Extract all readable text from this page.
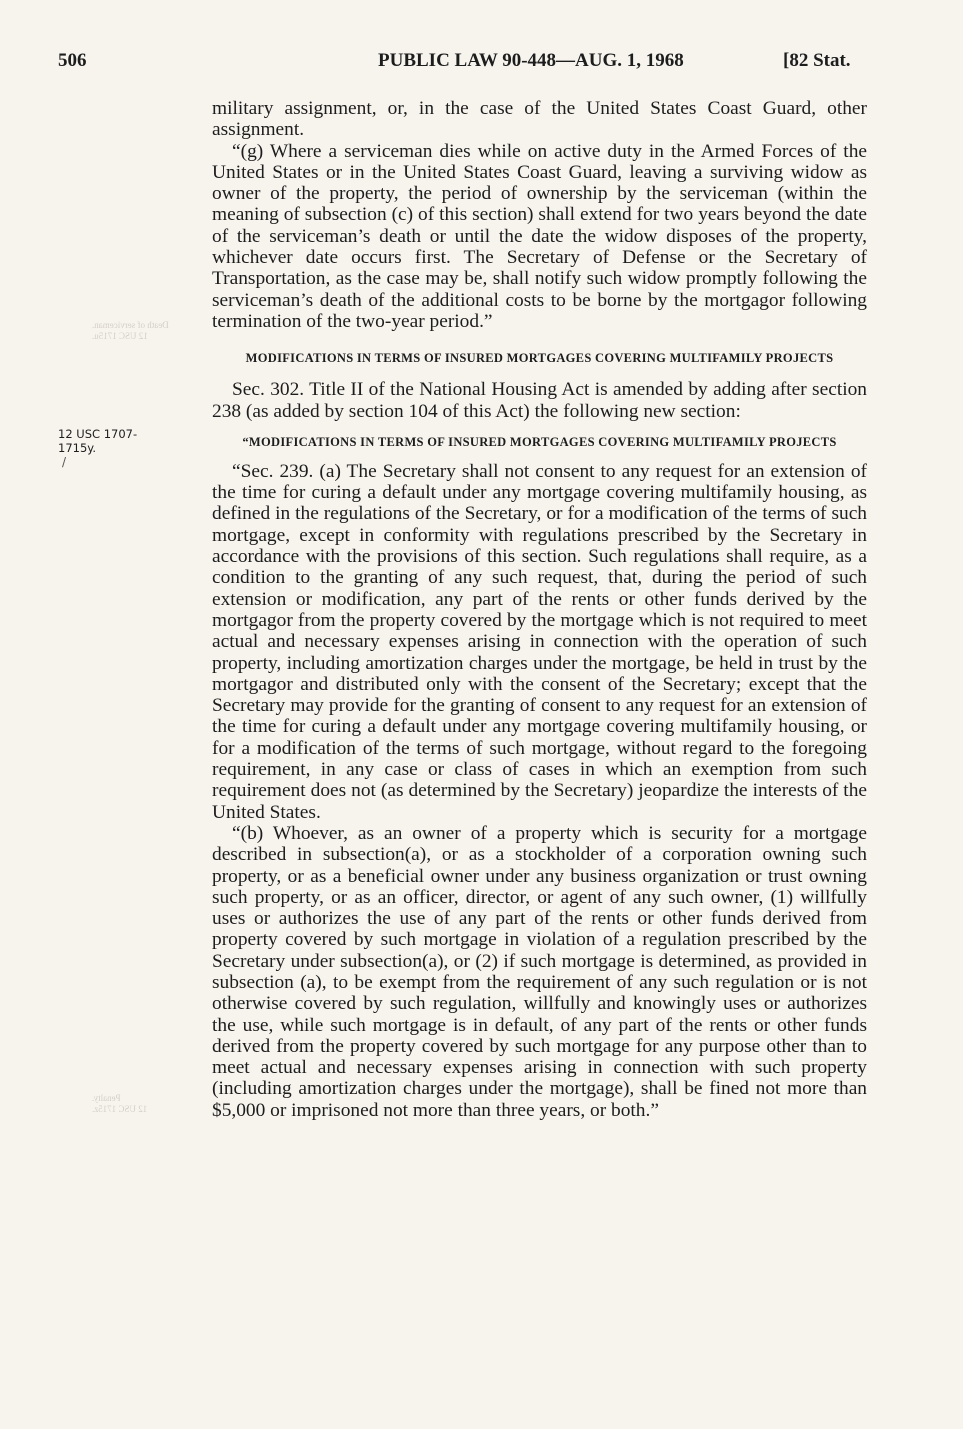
506	PUBLIC LAW 90-448—AUG. 1, 1968	[82 Stat.
Death of serviceman.
12 USC 1715u.
Penalty.
12 USC 1715z.
12 USC 1707-1715y.
/

military assignment, or, in the case of the United States Coast Guard, other assignment.

“(g) Where a serviceman dies while on active duty in the Armed Forces of the United States or in the United States Coast Guard, leaving a surviving widow as owner of the property, the period of ownership by the serviceman (within the meaning of subsection (c) of this section) shall extend for two years beyond the date of the serviceman’s death or until the date the widow disposes of the property, whichever date occurs first. The Secretary of Defense or the Secretary of Transportation, as the case may be, shall notify such widow promptly following the serviceman’s death of the additional costs to be borne by the mortgagor following termination of the two-year period.”

MODIFICATIONS IN TERMS OF INSURED MORTGAGES COVERING MULTIFAMILY PROJECTS

Sec. 302. Title II of the National Housing Act is amended by adding after section 238 (as added by section 104 of this Act) the following new section:

“MODIFICATIONS IN TERMS OF INSURED MORTGAGES COVERING MULTIFAMILY PROJECTS

“Sec. 239. (a) The Secretary shall not consent to any request for an extension of the time for curing a default under any mortgage covering multifamily housing, as defined in the regulations of the Secretary, or for a modification of the terms of such mortgage, except in conformity with regulations prescribed by the Secretary in accordance with the provisions of this section. Such regulations shall require, as a condition to the granting of any such request, that, during the period of such extension or modification, any part of the rents or other funds derived by the mortgagor from the property covered by the mortgage which is not required to meet actual and necessary expenses arising in connection with the operation of such property, including amortization charges under the mortgage, be held in trust by the mortgagor and distributed only with the consent of the Secretary; except that the Secretary may provide for the granting of consent to any request for an extension of the time for curing a default under any mortgage covering multifamily housing, or for a modification of the terms of such mortgage, without regard to the foregoing requirement, in any case or class of cases in which an exemption from such requirement does not (as determined by the Secretary) jeopardize the interests of the United States.

“(b) Whoever, as an owner of a property which is security for a mortgage described in subsection(a), or as a stockholder of a corporation owning such property, or as a beneficial owner under any business organization or trust owning such property, or as an officer, director, or agent of any such owner, (1) willfully uses or authorizes the use of any part of the rents or other funds derived from property covered by such mortgage in violation of a regulation prescribed by the Secretary under subsection(a), or (2) if such mortgage is determined, as provided in subsection (a), to be exempt from the requirement of any such regulation or is not otherwise covered by such regulation, willfully and knowingly uses or authorizes the use, while such mortgage is in default, of any part of the rents or other funds derived from the property covered by such mortgage for any purpose other than to meet actual and necessary expenses arising in connection with such property (including amortization charges under the mortgage), shall be fined not more than $5,000 or imprisoned not more than three years, or both.”
